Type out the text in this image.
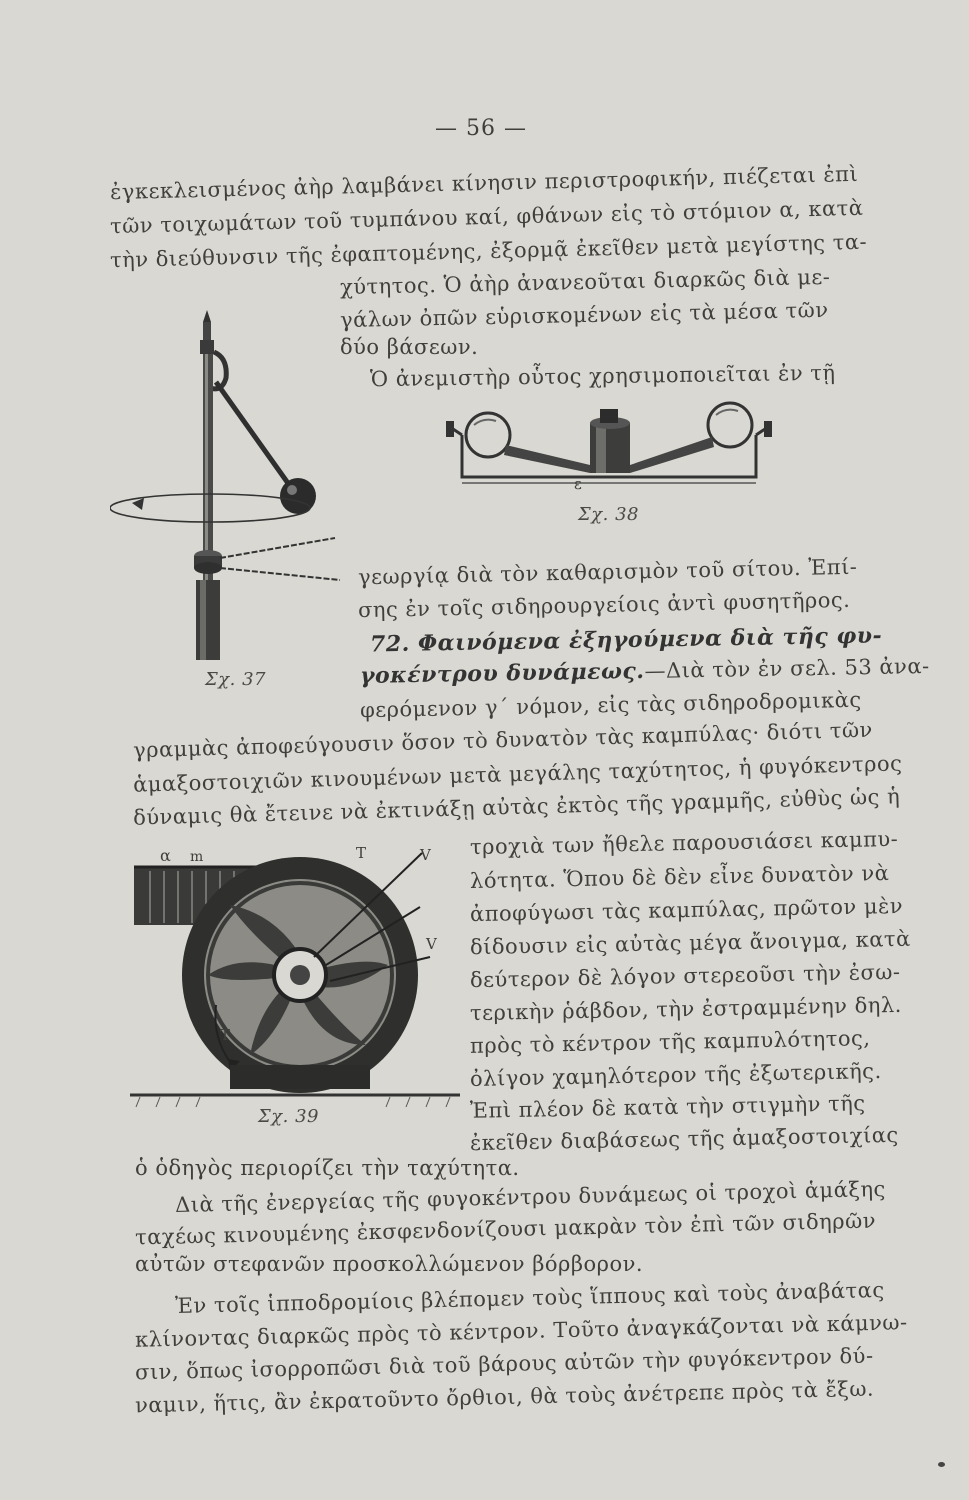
— 56 —
ἐγκεκλεισμένος ἀὴρ λαμβάνει κίνησιν περιστροφικήν, πιέζεται ἐπὶ
τῶν τοιχωμάτων τοῦ τυμπάνου καί, φθάνων εἰς τὸ στόμιον α, κατὰ
τὴν διεύθυνσιν τῆς ἐφαπτομένης, ἐξορμᾷ ἐκεῖθεν μετὰ μεγίστης τα-
χύτητος. Ὁ ἀὴρ ἀνανεοῦται διαρκῶς διὰ με-
γάλων ὀπῶν εὑρισκομένων εἰς τὰ μέσα τῶν
δύο βάσεων.
Ὁ ἀνεμιστὴρ οὗτος χρησιμοποιεῖται ἐν τῇ
Σχ. 37
ε
Σχ. 38
γεωργίᾳ διὰ τὸν καθαρισμὸν τοῦ σίτου. Ἐπί-
σης ἐν τοῖς σιδηρουργείοις ἀντὶ φυσητῆρος.
72. Φαινόμενα ἐξηγούμενα διὰ τῆς φυ-
γοκέντρου δυνάμεως.—Διὰ τὸν ἐν σελ. 53 ἀνα-
φερόμενον γ΄ νόμον, εἰς τὰς σιδηροδρομικὰς
γραμμὰς ἀποφεύγουσιν ὅσον τὸ δυνατὸν τὰς καμπύλας· διότι τῶν
ἁμαξοστοιχιῶν κινουμένων μετὰ μεγάλης ταχύτητος, ἡ φυγόκεντρος
δύναμις θὰ ἔτεινε νὰ ἐκτινάξῃ αὐτὰς ἐκτὸς τῆς γραμμῆς, εὐθὺς ὡς ἡ
α m	T	V
V
T
Σχ. 39
τροχιὰ των ἤθελε παρουσιάσει καμπυ-
λότητα. Ὅπου δὲ δὲν εἶνε δυνατὸν νὰ
ἀποφύγωσι τὰς καμπύλας, πρῶτον μὲν
δίδουσιν εἰς αὐτὰς μέγα ἄνοιγμα, κατὰ
δεύτερον δὲ λόγον στερεοῦσι τὴν ἐσω-
τερικὴν ῥάβδον, τὴν ἐστραμμένην δηλ.
πρὸς τὸ κέντρον τῆς καμπυλότητος,
ὀλίγον χαμηλότερον τῆς ἐξωτερικῆς.
Ἐπὶ πλέον δὲ κατὰ τὴν στιγμὴν τῆς
ἐκεῖθεν διαβάσεως τῆς ἁμαξοστοιχίας
ὁ ὁδηγὸς περιορίζει τὴν ταχύτητα.
Διὰ τῆς ἐνεργείας τῆς φυγοκέντρου δυνάμεως οἱ τροχοὶ ἁμάξης
ταχέως κινουμένης ἐκσφενδονίζουσι μακρὰν τὸν ἐπὶ τῶν σιδηρῶν
αὐτῶν στεφανῶν προσκολλώμενον βόρβορον.
Ἐν τοῖς ἱπποδρομίοις βλέπομεν τοὺς ἵππους καὶ τοὺς ἀναβάτας
κλίνοντας διαρκῶς πρὸς τὸ κέντρον. Τοῦτο ἀναγκάζονται νὰ κάμνω-
σιν, ὅπως ἰσορροπῶσι διὰ τοῦ βάρους αὐτῶν τὴν φυγόκεντρον δύ-
ναμιν, ἥτις, ἂν ἐκρατοῦντο ὄρθιοι, θὰ τοὺς ἀνέτρεπε πρὸς τὰ ἔξω.
